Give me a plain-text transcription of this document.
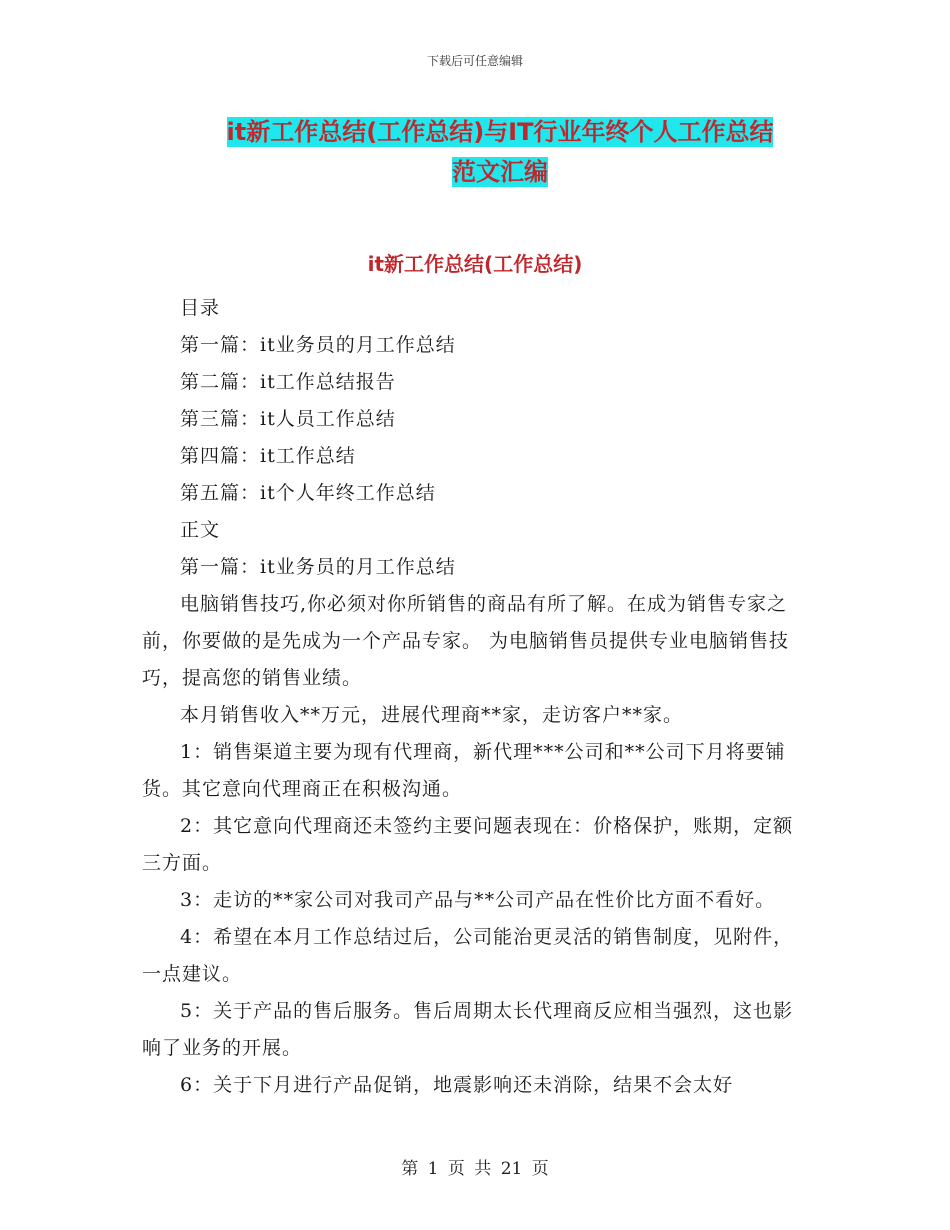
下载后可任意编辑
it新工作总结(工作总结)与IT行业年终个人工作总结
范文汇编
it新工作总结(工作总结)

目录

第一篇：it业务员的月工作总结

第二篇：it工作总结报告

第三篇：it人员工作总结

第四篇：it工作总结

第五篇：it个人年终工作总结

正文

第一篇：it业务员的月工作总结

电脑销售技巧,你必须对你所销售的商品有所了解。在成为销售专家之前，你要做的是先成为一个产品专家。 为电脑销售员提供专业电脑销售技巧，提高您的销售业绩。

本月销售收入**万元，进展代理商**家，走访客户**家。

1：销售渠道主要为现有代理商，新代理***公司和**公司下月将要铺货。其它意向代理商正在积极沟通。

2：其它意向代理商还未签约主要问题表现在：价格保护，账期，定额三方面。

3：走访的**家公司对我司产品与**公司产品在性价比方面不看好。

4：希望在本月工作总结过后，公司能治更灵活的销售制度，见附件，一点建议。

5：关于产品的售后服务。售后周期太长代理商反应相当强烈，这也影响了业务的开展。

6：关于下月进行产品促销，地震影响还未消除，结果不会太好

第 1 页 共 21 页
